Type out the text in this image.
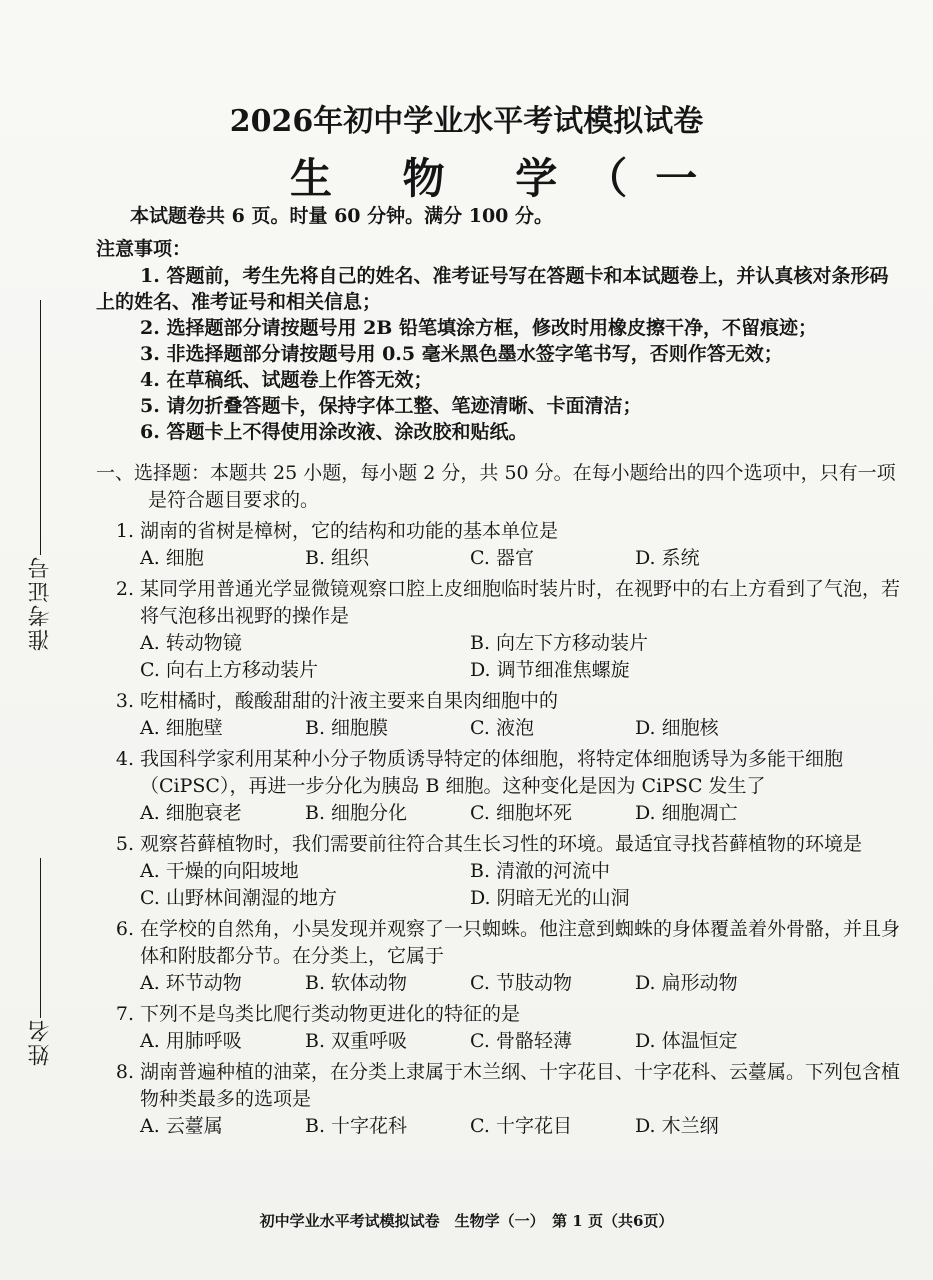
准考证号
姓名
2026年初中学业水平考试模拟试卷
生 物 学（一
本试题卷共 6 页。时量 60 分钟。满分 100 分。
注意事项：
1. 答题前，考生先将自己的姓名、准考证号写在答题卡和本试题卷上，并认真核对条形码上的姓名、准考证号和相关信息；
2. 选择题部分请按题号用 2B 铅笔填涂方框，修改时用橡皮擦干净，不留痕迹；
3. 非选择题部分请按题号用 0.5 毫米黑色墨水签字笔书写，否则作答无效；
4. 在草稿纸、试题卷上作答无效；
5. 请勿折叠答题卡，保持字体工整、笔迹清晰、卡面清洁；
6. 答题卡上不得使用涂改液、涂改胶和贴纸。
一、选择题：本题共 25 小题，每小题 2 分，共 50 分。在每小题给出的四个选项中，只有一项是符合题目要求的。
1. 湖南的省树是樟树，它的结构和功能的基本单位是
A. 细胞	B. 组织	C. 器官	D. 系统
2. 某同学用普通光学显微镜观察口腔上皮细胞临时装片时，在视野中的右上方看到了气泡，若将气泡移出视野的操作是
A. 转动物镜	B. 向左下方移动装片
C. 向右上方移动装片	D. 调节细准焦螺旋
3. 吃柑橘时，酸酸甜甜的汁液主要来自果肉细胞中的
A. 细胞壁	B. 细胞膜	C. 液泡	D. 细胞核
4. 我国科学家利用某种小分子物质诱导特定的体细胞，将特定体细胞诱导为多能干细胞（CiPSC），再进一步分化为胰岛 B 细胞。这种变化是因为 CiPSC 发生了
A. 细胞衰老	B. 细胞分化	C. 细胞坏死	D. 细胞凋亡
5. 观察苔藓植物时，我们需要前往符合其生长习性的环境。最适宜寻找苔藓植物的环境是
A. 干燥的向阳坡地	B. 清澈的河流中
C. 山野林间潮湿的地方	D. 阴暗无光的山洞
6. 在学校的自然角，小昊发现并观察了一只蜘蛛。他注意到蜘蛛的身体覆盖着外骨骼，并且身体和附肢都分节。在分类上，它属于
A. 环节动物	B. 软体动物	C. 节肢动物	D. 扁形动物
7. 下列不是鸟类比爬行类动物更进化的特征的是
A. 用肺呼吸	B. 双重呼吸	C. 骨骼轻薄	D. 体温恒定
8. 湖南普遍种植的油菜，在分类上隶属于木兰纲、十字花目、十字花科、云薹属。下列包含植物种类最多的选项是
A. 云薹属	B. 十字花科	C. 十字花目	D. 木兰纲
初中学业水平考试模拟试卷　生物学（一）　第 1 页（共6页）
